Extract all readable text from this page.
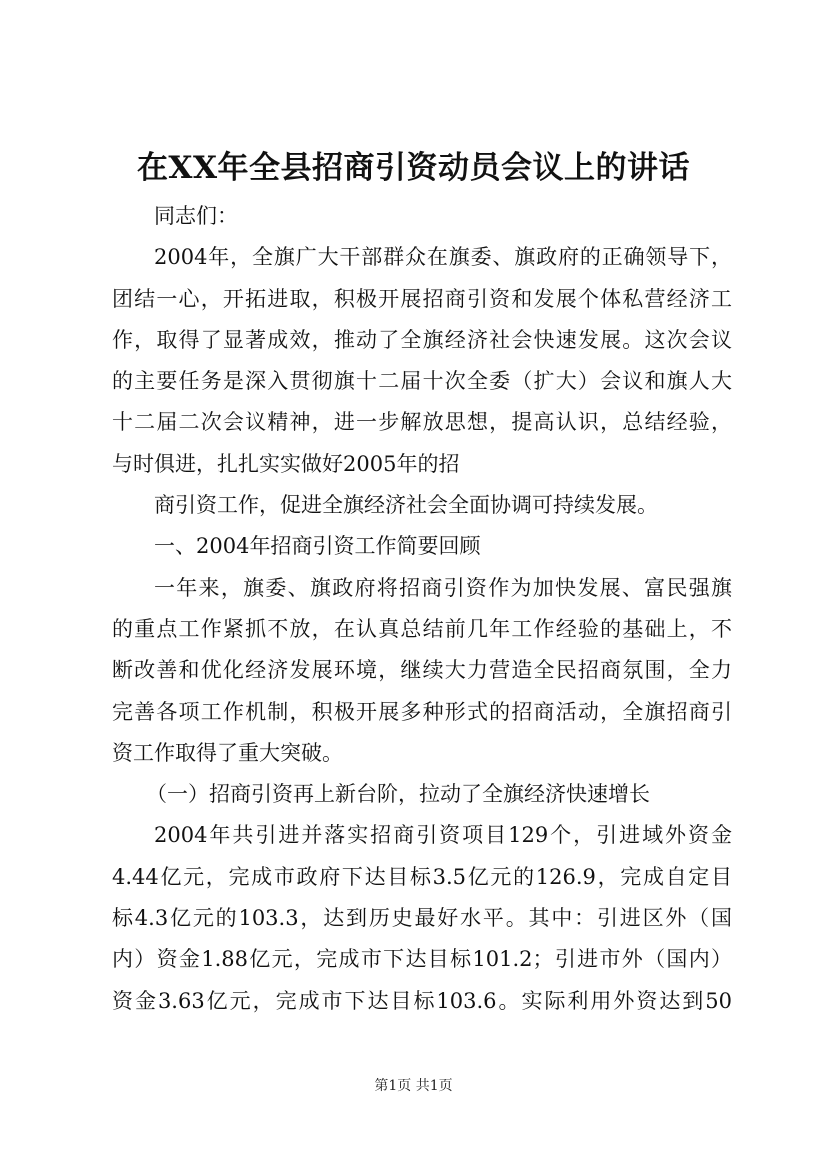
在XX年全县招商引资动员会议上的讲话
同志们：
2004年，全旗广大干部群众在旗委、旗政府的正确领导下，
团结一心，开拓进取，积极开展招商引资和发展个体私营经济工
作，取得了显著成效，推动了全旗经济社会快速发展。这次会议
的主要任务是深入贯彻旗十二届十次全委（扩大）会议和旗人大
十二届二次会议精神，进一步解放思想，提高认识，总结经验，
与时俱进，扎扎实实做好2005年的招
商引资工作，促进全旗经济社会全面协调可持续发展。
一、2004年招商引资工作简要回顾
一年来，旗委、旗政府将招商引资作为加快发展、富民强旗
的重点工作紧抓不放，在认真总结前几年工作经验的基础上，不
断改善和优化经济发展环境，继续大力营造全民招商氛围，全力
完善各项工作机制，积极开展多种形式的招商活动，全旗招商引
资工作取得了重大突破。
（一）招商引资再上新台阶，拉动了全旗经济快速增长
2004年共引进并落实招商引资项目129个，引进域外资金
4.44亿元，完成市政府下达目标3.5亿元的126.9，完成自定目
标4.3亿元的103.3，达到历史最好水平。其中：引进区外（国
内）资金1.88亿元，完成市下达目标101.2；引进市外（国内）
资金3.63亿元，完成市下达目标103.6。实际利用外资达到50
第1页 共1页
